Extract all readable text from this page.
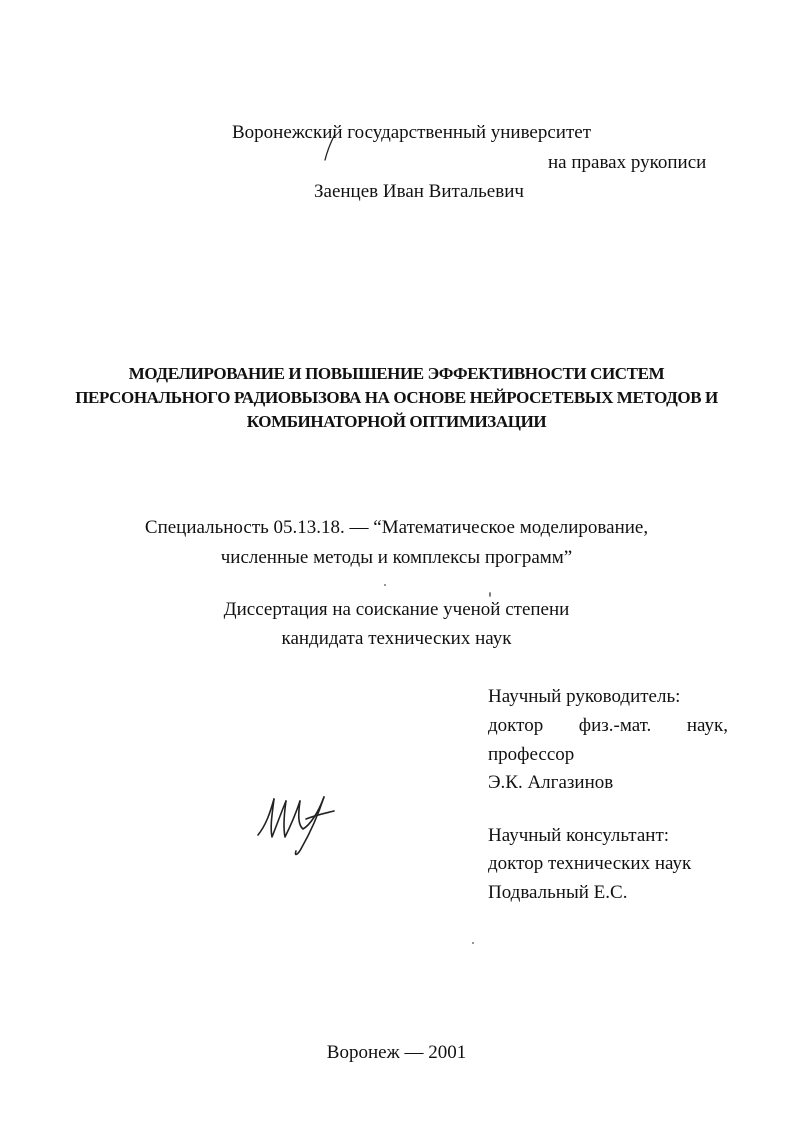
Воронежский государственный университет
на правах рукописи
Заенцев Иван Витальевич
МОДЕЛИРОВАНИЕ И ПОВЫШЕНИЕ ЭФФЕКТИВНОСТИ СИСТЕМ
ПЕРСОНАЛЬНОГО РАДИОВЫЗОВА НА ОСНОВЕ НЕЙРОСЕТЕВЫХ МЕТОДОВ И
КОМБИНАТОРНОЙ ОПТИМИЗАЦИИ
Специальность 05.13.18. — “Математическое моделирование,
численные методы и комплексы программ”
Диссертация на соискание ученой степени
кандидата технических наук
Научный руководитель:
доктор физ.-мат. наук,
профессор
Э.К. Алгазинов
Научный консультант:
доктор технических наук
Подвальный Е.С.
Воронеж — 2001
